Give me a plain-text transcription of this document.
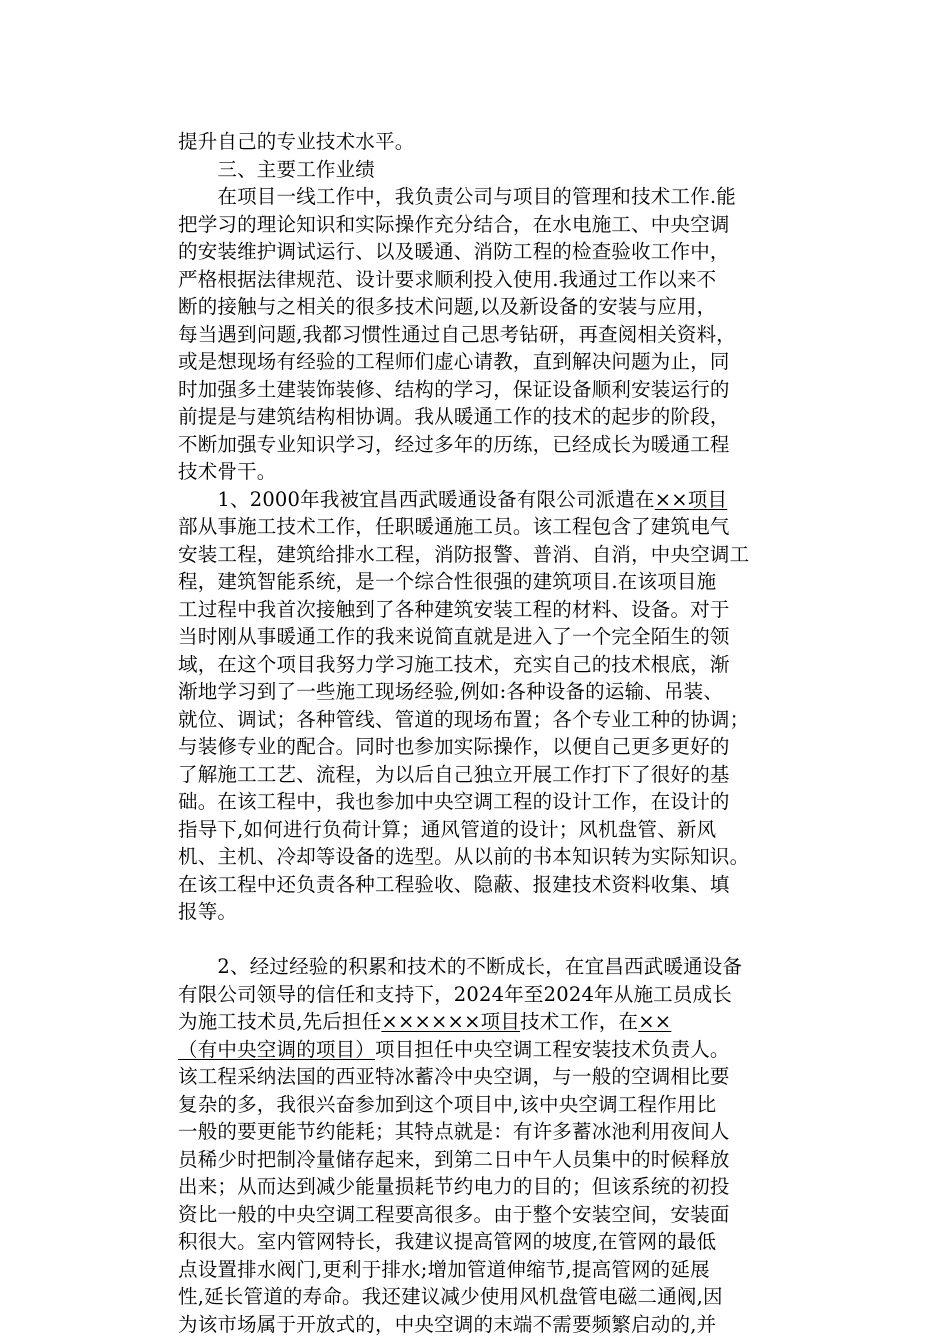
提升自己的专业技术水平。
　　三、主要工作业绩
　　在项目一线工作中，我负责公司与项目的管理和技术工作.能
把学习的理论知识和实际操作充分结合，在水电施工、中央空调
的安装维护调试运行、以及暖通、消防工程的检查验收工作中，
严格根据法律规范、设计要求顺利投入使用.我通过工作以来不
断的接触与之相关的很多技术问题,以及新设备的安装与应用，
每当遇到问题,我都习惯性通过自己思考钻研，再查阅相关资料，
或是想现场有经验的工程师们虚心请教，直到解决问题为止，同
时加强多土建装饰装修、结构的学习，保证设备顺利安装运行的
前提是与建筑结构相协调。我从暖通工作的技术的起步的阶段，
不断加强专业知识学习，经过多年的历练，已经成长为暖通工程
技术骨干。
　　1、2000年我被宜昌西武暖通设备有限公司派遣在××项目
部从事施工技术工作，任职暖通施工员。该工程包含了建筑电气
安装工程，建筑给排水工程，消防报警、普消、自消，中央空调工
程，建筑智能系统，是一个综合性很强的建筑项目.在该项目施
工过程中我首次接触到了各种建筑安装工程的材料、设备。对于
当时刚从事暖通工作的我来说简直就是进入了一个完全陌生的领
域，在这个项目我努力学习施工技术，充实自己的技术根底，渐
渐地学习到了一些施工现场经验,例如:各种设备的运输、吊装、
就位、调试；各种管线、管道的现场布置；各个专业工种的协调；
与装修专业的配合。同时也参加实际操作，以便自己更多更好的
了解施工工艺、流程，为以后自己独立开展工作打下了很好的基
础。在该工程中，我也参加中央空调工程的设计工作，在设计的
指导下,如何进行负荷计算；通风管道的设计；风机盘管、新风
机、主机、冷却等设备的选型。从以前的书本知识转为实际知识。
在该工程中还负责各种工程验收、隐蔽、报建技术资料收集、填
报等。
　　2、经过经验的积累和技术的不断成长，在宜昌西武暖通设备
有限公司领导的信任和支持下，2024年至2024年从施工员成长
为施工技术员,先后担任××××××项目技术工作，在××
（有中央空调的项目）项目担任中央空调工程安装技术负责人。
该工程采纳法国的西亚特冰蓄冷中央空调，与一般的空调相比要
复杂的多，我很兴奋参加到这个项目中,该中央空调工程作用比
一般的要更能节约能耗；其特点就是：有许多蓄冰池利用夜间人
员稀少时把制冷量储存起来，到第二日中午人员集中的时候释放
出来；从而达到减少能量损耗节约电力的目的；但该系统的初投
资比一般的中央空调工程要高很多。由于整个安装空间，安装面
积很大。室内管网特长，我建议提高管网的坡度,在管网的最低
点设置排水阀门,更利于排水;增加管道伸缩节,提高管网的延展
性,延长管道的寿命。我还建议减少使用风机盘管电磁二通阀,因
为该市场属于开放式的，中央空调的末端不需要频繁启动的,并
